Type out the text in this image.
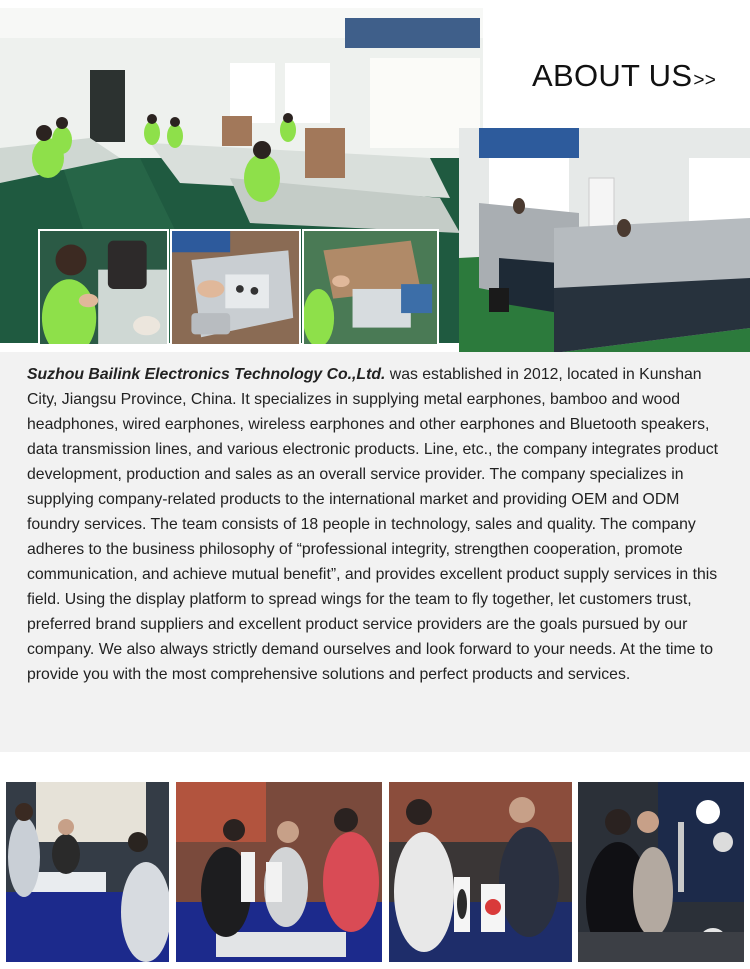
ABOUT US>>

Suzhou Bailink Electronics Technology Co.,Ltd. was established in 2012, located in Kunshan City, Jiangsu Province, China. It specializes in supplying metal earphones, bamboo and wood headphones, wired earphones, wireless earphones and other earphones and Bluetooth speakers, data transmission lines, and various electronic products. Line, etc., the company integrates product development, production and sales as an overall service provider. The company specializes in supplying company-related products to the international market and providing OEM and ODM foundry services. The team consists of 18 people in technology, sales and quality. The company adheres to the business philosophy of “professional integrity, strengthen cooperation, promote communication, and achieve mutual benefit”, and provides excellent product supply services in this field. Using the display platform to spread wings for the team to fly together, let customers trust, preferred brand suppliers and excellent product service providers are the goals pursued by our company. We also always strictly demand ourselves and look forward to your needs. At the time to provide you with the most comprehensive solutions and perfect products and services.
